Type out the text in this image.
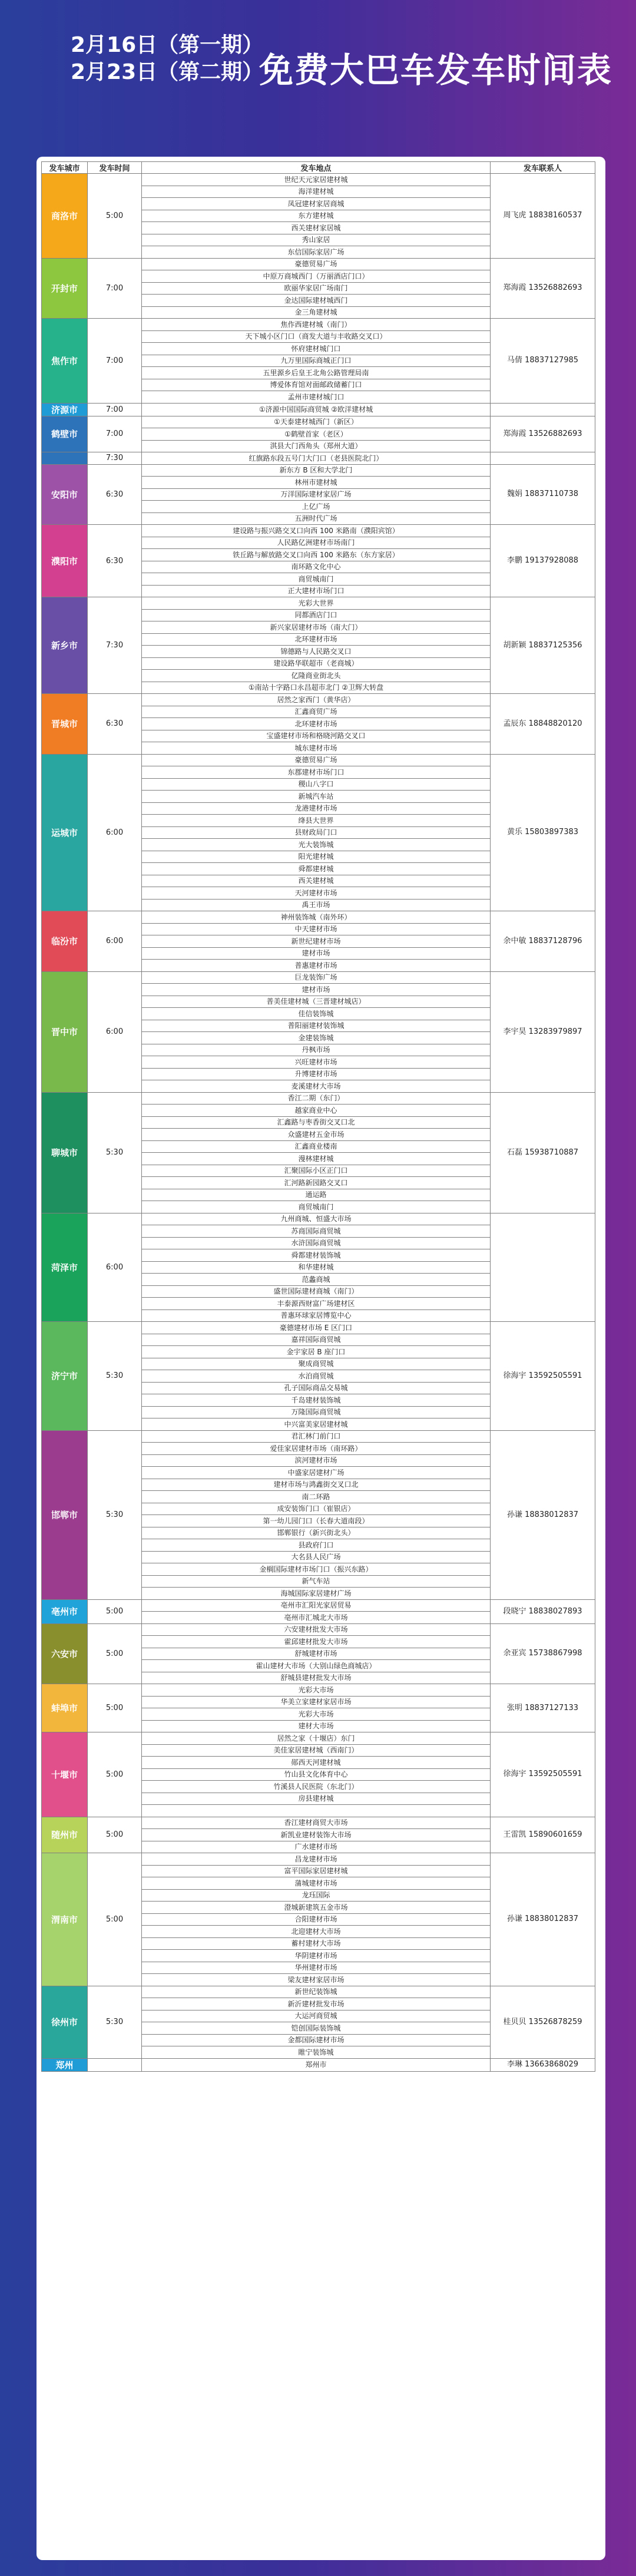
2月16日（第一期）
2月23日（第二期）
免费大巴车发车时间表
发车城市	发车时间	发车地点	发车联系人
商洛市	5:00	世纪天元家居建材城	周飞虎 18838160537
		海洋建材城	
		凤冠建材家居商城	
		东方建材城	
		西关建材家居城	
		秀山家居	
		东信国际家居广场	
开封市	7:00	豪德贸易广场	郑海霞 13526882693
		中原万商城西门（万丽酒店门口）	
		欧丽华家居广场南门	
		金达国际建材城西门	
		金三角建材城	
焦作市	7:00	焦作西建材城（南门）	马倩 18837127985
		天下城小区门口（商发大道与丰收路交叉口）	
		怀府建材城门口	
		九万里国际商城正门口	
		五里源乡后皇王北角公路管理局南	
		博爱体育馆对面邮政储蓄门口	
		孟州市建材城门口	
济源市	7:00	①济源中国国际商贸城 ②欧洋建材城	
鹤壁市	7:00	①天泰建材城西门（新区）	郑海霞 13526882693
		①鹤壁首家（老区）	
		淇县大门西角头（郑州大道）	
	7:30	红旗路东段五号门大门口（老县医院北门）	
安阳市	6:30	新东方 B 区和大学北门	魏娟 18837110738
		林州市建材城	
		万洋国际建材家居广场	
		上亿广场	
		五洲时代广场	
濮阳市	6:30	建设路与振兴路交叉口向西 100 米路南（濮阳宾馆）	李鹏 19137928088
		人民路亿洲建材市场南门	
		铁丘路与解放路交叉口向西 100 米路东（东方家居）	
		南环路文化中心	
		商贸城南门	
		正大建材市场门口	
新乡市	7:30	光彩大世界	胡新颖 18837125356
		同都酒店门口	
		新兴家居建材市场（南大门）	
		北环建材市场	
		锦德路与人民路交叉口	
		建设路华联超市（老商城）	
		亿隆商业街北头	
		①南站十字路口永昌超市北门 ②卫辉大转盘	
晋城市	6:30	居然之家西门（黄华店）	孟辰东 18848820120
		汇鑫商贸广场	
		北环建材市场	
		宝盛建材市场和格晓河路交叉口	
		城东建材市场	
运城市	6:00	豪德贸易广场	黄乐 15803897383
		东郡建材市场门口	
		稷山八字口	
		新城汽车站	
		龙港建材市场	
		绛县大世界	
		县财政局门口	
		光大装饰城	
		阳光建材城	
		舜都建材城	
		西关建材城	
		天河建材市场	
		禹王市场	
临汾市	6:00	神州装饰城（南外环）	余中敏 18837128796
		中天建材市场	
		新世纪建材市场	
		建材市场	
		普惠建材市场	
晋中市	6:00	巨龙装饰广场	李宇昊 13283979897
		建材市场	
		普美佳建材城（三晋建材城店）	
		佳信装饰城	
		普阳丽建材装饰城	
		金建装饰城	
		丹枫市场	
		兴旺建材市场	
		升博建材市场	
		麦溪建材大市场	
聊城市	5:30	香江二期（东门）	石磊 15938710887
		越家商业中心	
		汇鑫路与枣香街交叉口北	
		众盛建材五金市场	
		汇鑫商业楼南	
		漫林建材城	
		汇聚国际小区正门口	
		汇河路新园路交叉口	
		通运路	
		商贸城南门	
菏泽市	6:00	九州商城、恒盛大市场	
		苏商国际商贸城	
		水浒国际商贸城	
		舜都建材装饰城	
		和华建材城	
		范蠡商城	
		盛世国际建材商城（南门）	
		丰泰源西财富广场建材区	
		普惠环球家居博览中心	
济宁市	5:30	豪德建材市场 E 区门口	徐海宇 13592505591
		嘉祥国际商贸城	
		金宇家居 B 座门口	
		聚成商贸城	
		水泊商贸城	
		孔子国际商品交易城	
		千岛建材装饰城	
		万隆国际商贸城	
		中兴富美家居建材城	
邯郸市	5:30	君汇林门前门口	孙谦 18838012837
		爱佳家居建材市场（南环路）	
		滨河建材市场	
		中盛家居建材广场	
		建材市场与鸿鑫街交叉口北	
		南二环路	
		成安装饰门口（崔银店）	
		第一幼儿园门口（长春大道南段）	
		邯郸银行（新兴街北头）	
		县政府门口	
		大名县人民广场	
		金榈国际建材市场门口（振兴东路）	
		新气车站	
		海城国际家居建材广场	
亳州市	5:00	亳州市汇阳光家居贸易	段晓宁 18838027893
		亳州市汇城北大市场	
六安市	5:00	六安建材批发大市场	余亚宾 15738867998
		霍邱建材批发大市场	
		舒城建材市场	
		霍山建材大市场（大别山绿色商城店）	
		舒城县建材批发大市场	
蚌埠市	5:00	光彩大市场	张明 18837127133
		华美立家建材家居市场	
		光彩大市场	
		建材大市场	
十堰市	5:00	居然之家（十堰店）东门	徐海宇 13592505591
		美佳家居建材城（西南门）	
		郧西天河建材城	
		竹山县文化体育中心	
		竹溪县人民医院（东北门）	
		房县建材城	

随州市	5:00	香江建材商贸大市场	王雷凯 15890601659
		新凯业建材装饰大市场	
		广水建材市场	
渭南市	5:00	昌龙建材市场	孙谦 18838012837
		富平国际家居建材城	
		蒲城建材市场	
		龙珏国际	
		澄城新建筑五金市场	
		合阳建材市场	
		北迎建材大市场	
		蓄村建材大市场	
		华阴建材市场	
		华州建材市场	
		梁友建材家居市场	
徐州市	5:30	新世纪装饰城	桂贝贝 13526878259
		新沂建材批发市场	
		大运河商贸城	
		铠创国际装饰城	
		金都国际建材市场	
		睢宁装饰城	
郑州		郑州市	李琳 13663868029
